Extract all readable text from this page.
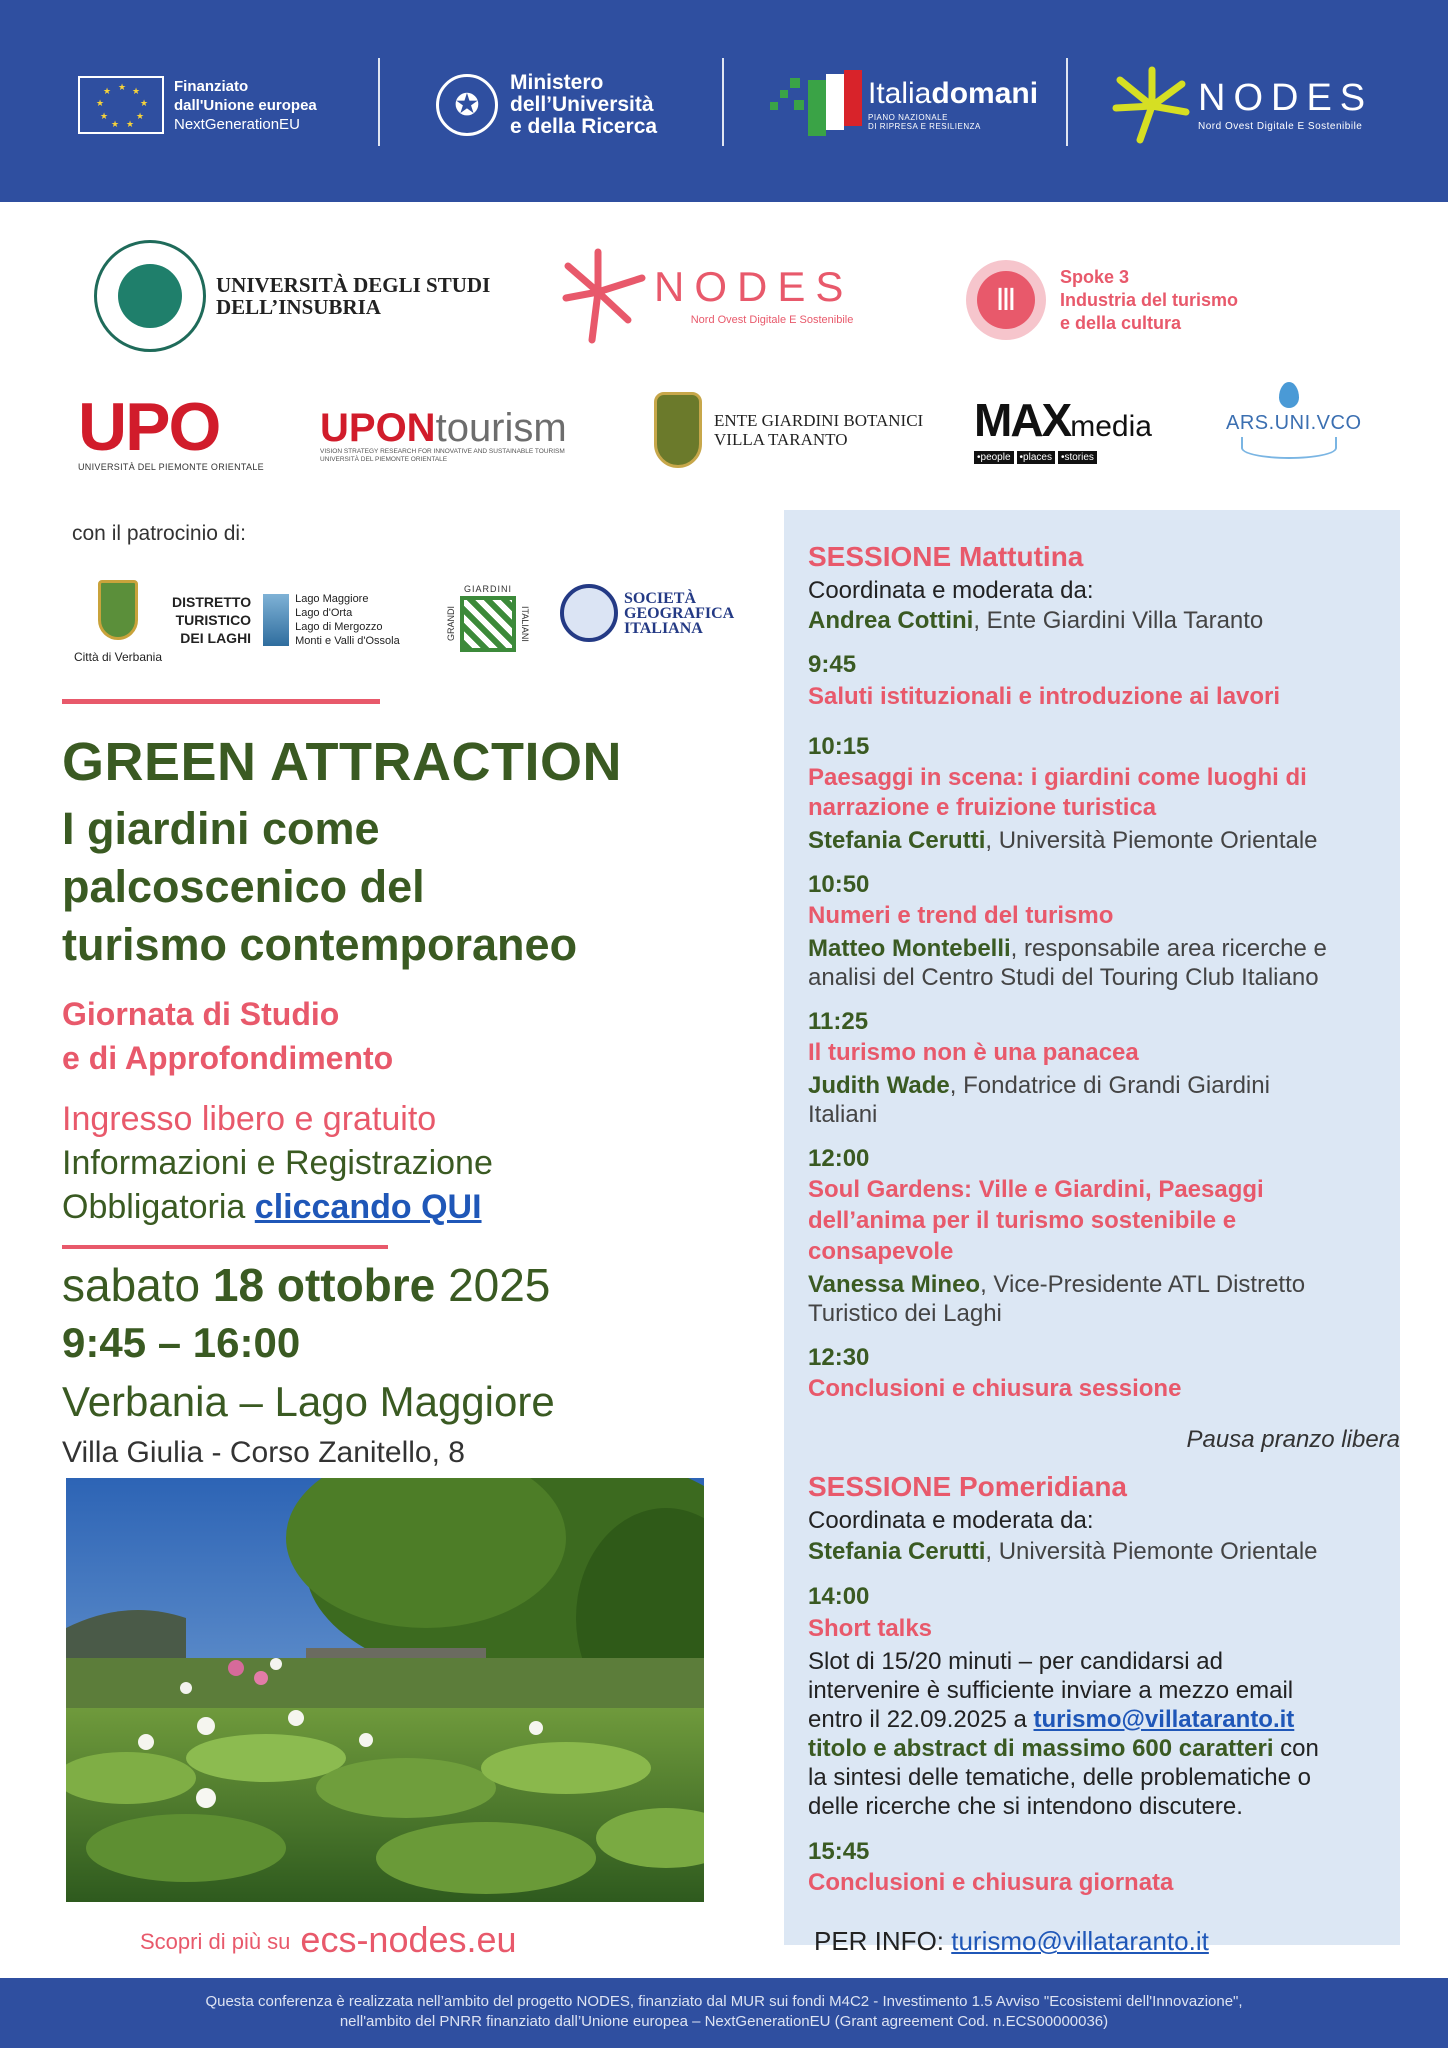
★ ★
★
★
★
★
★
★
★	Finanziato
dall'Unione europea
NextGenerationEU
✪
Ministero
dell’Università
e della Ricerca
Italiadomani
PIANO NAZIONALE
DI RIPRESA E RESILIENZA
NODES
Nord Ovest Digitale E Sostenibile
UNIVERSITÀ DEGLI STUDI
DELL’INSUBRIA	NODES
Nord Ovest Digitale E Sostenibile
Ⅲ
Spoke 3
Industria del turismo
e della cultura
UPO
UNIVERSITÀ DEL PIEMONTE ORIENTALE
UPONtourism
VISION STRATEGY RESEARCH FOR INNOVATIVE AND SUSTAINABLE TOURISM
UNIVERSITÀ DEL PIEMONTE ORIENTALE
ENTE GIARDINI BOTANICI
VILLA TARANTO	MAXmedia
•people •places •stories
ARS.UNI.VCO
con il patrocinio di:
Città di Verbania
DISTRETTO
TURISTICO
DEI LAGHI
Lago Maggiore
Lago d'Orta
Lago di Mergozzo
Monti e Valli d'Ossola
GIARDINI
GRANDI	ITALIANI
SOCIETÀ
GEOGRAFICA
ITALIANA
GREEN ATTRACTION
I giardini come
palcoscenico del
turismo contemporaneo
Giornata di Studio
e di Approfondimento
Ingresso libero e gratuito
Informazioni e Registrazione
Obbligatoria cliccando QUI
sabato 18 ottobre 2025
9:45 – 16:00
Verbania – Lago Maggiore
Villa Giulia - Corso Zanitello, 8
Scopri di più su ecs-nodes.eu
SESSIONE Mattutina
Coordinata e moderata da:
Andrea Cottini, Ente Giardini Villa Taranto
9:45
Saluti istituzionali e introduzione ai lavori
10:15
Paesaggi in scena: i giardini come luoghi di
narrazione e fruizione turistica
Stefania Cerutti, Università Piemonte Orientale
10:50
Numeri e trend del turismo
Matteo Montebelli, responsabile area ricerche e
analisi del Centro Studi del Touring Club Italiano
11:25
Il turismo non è una panacea
Judith Wade, Fondatrice di Grandi Giardini
Italiani
12:00
Soul Gardens: Ville e Giardini, Paesaggi
dell’anima per il turismo sostenibile e
consapevole
Vanessa Mineo, Vice-Presidente ATL Distretto
Turistico dei Laghi
12:30
Conclusioni e chiusura sessione
Pausa pranzo libera
SESSIONE Pomeridiana
Coordinata e moderata da:
Stefania Cerutti, Università Piemonte Orientale
14:00
Short talks
Slot di 15/20 minuti – per candidarsi ad
intervenire è sufficiente inviare a mezzo email
entro il 22.09.2025 a turismo@villataranto.it
titolo e abstract di massimo 600 caratteri con
la sintesi delle tematiche, delle problematiche o
delle ricerche che si intendono discutere.
15:45
Conclusioni e chiusura giornata
PER INFO: turismo@villataranto.it
Questa conferenza è realizzata nell’ambito del progetto NODES, finanziato dal MUR sui fondi M4C2 - Investimento 1.5 Avviso "Ecosistemi dell'Innovazione",
nell'ambito del PNRR finanziato dall’Unione europea – NextGenerationEU (Grant agreement Cod. n.ECS00000036)
